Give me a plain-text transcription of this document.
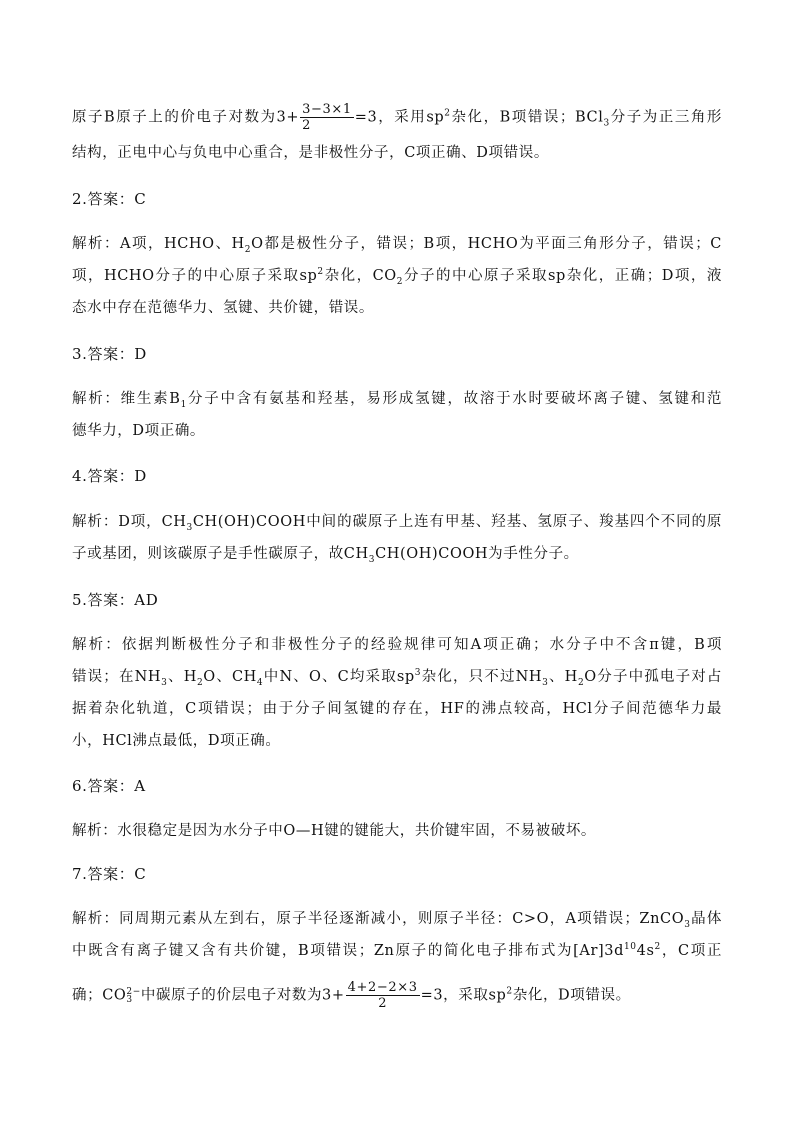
原子B原子上的价电子对数为$3+ \frac{3-3\times 1}{2} =3$，采用$sp^2$杂化，B项错误；BCl$_3$分子为正三角形
结构，正电中心与负电中心重合，是非极性分子，C项正确、D项错误。
2.答案：C
解析：A项，HCHO、$H_2O$都是极性分子，错误；B项，HCHO为平面三角形分子，错误；C
项，HCHO分子的中心原子采取$sp^2$杂化，$CO_2$分子的中心原子采取sp杂化，正确；D项，液
态水中存在范德华力、氢键、共价键，错误。
3.答案：D
解析：维生素$B_1$分子中含有氨基和羟基，易形成氢键，故溶于水时要破坏离子键、氢键和范
德华力，D项正确。
4.答案：D
解析：D项，$CH_3CH(OH)COOH$中间的碳原子上连有甲基、羟基、氢原子、羧基四个不同的原
子或基团，则该碳原子是手性碳原子，故$CH_3CH(OH)COOH$为手性分子。
5.答案：AD
解析：依据判断极性分子和非极性分子的经验规律可知A项正确；水分子中不含π键，B项
错误；在$NH_3$、$H_2O$、$CH_4$中N、O、C均采取$sp^3$杂化，只不过$NH_3$、$H_2O$分子中孤电子对占
据着杂化轨道，C项错误；由于分子间氢键的存在，HF的沸点较高，HCl分子间范德华力最
小，HCl沸点最低，D项正确。
6.答案：A
解析：水很稳定是因为水分子中O—H键的键能大，共价键牢固，不易被破坏。
7.答案：C
解析：同周期元素从左到右，原子半径逐渐减小，则原子半径：C>O，A项错误；ZnCO$_3$晶体
中既含有离子键又含有共价键，B项错误；Zn原子的简化电子排布式为$[Ar]3d^{10}4s^2$，C项正
确；CO 2−
3 中碳原子的价层电子对数为$3+ \frac{4+2-2\times 3}{2} =3$，采取$sp^2$杂化，D项错误。
